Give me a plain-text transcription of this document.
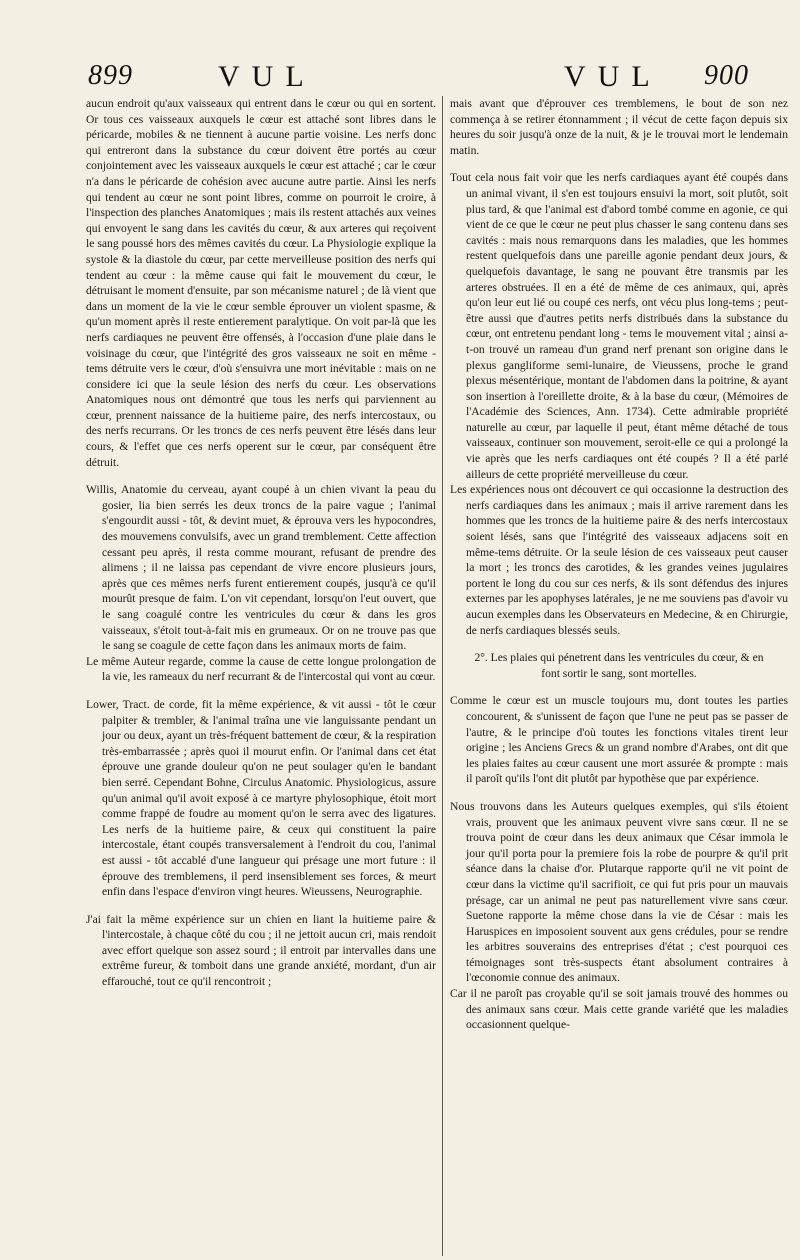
899	VUL	VUL 900
aucun endroit qu'aux vaisseaux qui entrent dans le cœur ou qui en sortent. Or tous ces vaisseaux auxquels le cœur est attaché sont libres dans le péricarde, mobiles & ne tiennent à aucune partie voisine. Les nerfs donc qui entreront dans la substance du cœur doivent être portés au cœur conjointement avec les vaisseaux auxquels le cœur est attaché ; car le cœur n'a dans le péricarde de cohésion avec aucune autre partie. Ainsi les nerfs qui tendent au cœur ne sont point libres, comme on pourroit le croire, à l'inspection des planches Anatomiques ; mais ils restent attachés aux veines qui envoyent le sang dans les cavités du cœur, & aux arteres qui reçoivent le sang poussé hors des mêmes cavités du cœur. La Physiologie explique la systole & la diastole du cœur, par cette merveilleuse position des nerfs qui tendent au cœur : la même cause qui fait le mouvement du cœur, le détruisant le moment d'ensuite, par son mécanisme naturel ; de là vient que dans un moment de la vie le cœur semble éprouver un violent spasme, & qu'un moment après il reste entierement paralytique. On voit par-là que les nerfs cardiaques ne peuvent être offensés, à l'occasion d'une plaie dans le voisinage du cœur, que l'intégrité des gros vaisseaux ne soit en même - tems détruite vers le cœur, d'où s'ensuivra une mort inévitable : mais on ne considere ici que la seule lésion des nerfs du cœur. Les observations Anatomiques nous ont démontré que tous les nerfs qui parviennent au cœur, prennent naissance de la huitieme paire, des nerfs intercostaux, ou des nerfs recurrans. Or les troncs de ces nerfs peuvent être lésés dans leur cours, & l'effet que ces nerfs operent sur le cœur, par conséquent être détruit.
Willis, Anatomie du cerveau, ayant coupé à un chien vivant la peau du gosier, lia bien serrés les deux troncs de la paire vague ; l'animal s'engourdit aussi - tôt, & devint muet, & éprouva vers les hypocondres, des mouvemens convulsifs, avec un grand tremblement. Cette affection cessant peu après, il resta comme mourant, refusant de prendre des alimens ; il ne laissa pas cependant de vivre encore plusieurs jours, après que ces mêmes nerfs furent entierement coupés, jusqu'à ce qu'il mourût presque de faim. L'on vit cependant, lorsqu'on l'eut ouvert, que le sang coagulé contre les ventricules du cœur & dans les gros vaisseaux, s'étoit tout-à-fait mis en grumeaux. Or on ne trouve pas que le sang se coagule de cette façon dans les animaux morts de faim.
Le même Auteur regarde, comme la cause de cette longue prolongation de la vie, les rameaux du nerf recurrant & de l'intercostal qui vont au cœur.
Lower, Tract. de corde, fit la même expérience, & vit aussi - tôt le cœur palpiter & trembler, & l'animal traîna une vie languissante pendant un jour ou deux, ayant un très-fréquent battement de cœur, & la respiration très-embarrassée ; après quoi il mourut enfin. Or l'animal dans cet état éprouve une grande douleur qu'on ne peut soulager qu'en le bandant bien serré. Cependant Bohne, Circulus Anatomic. Physiologicus, assure qu'un animal qu'il avoit exposé à ce martyre phylosophique, étoit mort comme frappé de foudre au moment qu'on le serra avec des ligatures. Les nerfs de la huitieme paire, & ceux qui constituent la paire intercostale, étant coupés transversalement à l'endroit du cou, l'animal est aussi - tôt accablé d'une langueur qui présage une mort future : il éprouve des tremblemens, il perd insensiblement ses forces, & meurt enfin dans l'espace d'environ vingt heures. Wieussens, Neurographie.
J'ai fait la même expérience sur un chien en liant la huitieme paire & l'intercostale, à chaque côté du cou ; il ne jettoit aucun cri, mais rendoit avec effort quelque son assez sourd ; il entroit par intervalles dans une extrême fureur, & tomboit dans une grande anxiété, mordant, d'un air effarouché, tout ce qu'il rencontroit ;
mais avant que d'éprouver ces tremblemens, le bout de son nez commença à se retirer étonnamment ; il vécut de cette façon depuis six heures du soir jusqu'à onze de la nuit, & je le trouvai mort le lendemain matin.
Tout cela nous fait voir que les nerfs cardiaques ayant été coupés dans un animal vivant, il s'en est toujours ensuivi la mort, soit plutôt, soit plus tard, & que l'animal est d'abord tombé comme en agonie, ce qui vient de ce que le cœur ne peut plus chasser le sang contenu dans ses cavités : mais nous remarquons dans les maladies, que les hommes restent quelquefois dans une pareille agonie pendant deux jours, & quelquefois davantage, le sang ne pouvant être transmis par les arteres obstruées. Il en a été de même de ces animaux, qui, après qu'on leur eut lié ou coupé ces nerfs, ont vécu plus long-tems ; peut-être aussi que d'autres petits nerfs distribués dans la substance du cœur, ont entretenu pendant long - tems le mouvement vital ; ainsi a-t-on trouvé un rameau d'un grand nerf prenant son origine dans le plexus gangliforme semi-lunaire, de Vieussens, proche le grand plexus mésentérique, montant de l'abdomen dans la poitrine, & ayant son insertion à l'oreillette droite, & à la base du cœur, (Mémoires de l'Académie des Sciences, Ann. 1734). Cette admirable propriété naturelle au cœur, par laquelle il peut, étant même détaché de tous vaisseaux, continuer son mouvement, seroit-elle ce qui a prolongé la vie après que les nerfs cardiaques ont été coupés ? Il a été parlé ailleurs de cette propriété merveilleuse du cœur.
Les expériences nous ont découvert ce qui occasionne la destruction des nerfs cardiaques dans les animaux ; mais il arrive rarement dans les hommes que les troncs de la huitieme paire & des nerfs intercostaux soient lésés, sans que l'intégrité des vaisseaux adjacens soit en même-tems détruite. Or la seule lésion de ces vaisseaux peut causer la mort ; les troncs des carotides, & les grandes veines jugulaires portent le long du cou sur ces nerfs, & ils sont défendus des injures externes par les apophyses latérales, je ne me souviens pas d'avoir vu aucun exemples dans les Observateurs en Medecine, & en Chirurgie, de nerfs cardiaques blessés seuls.
2°. Les plaies qui pénetrent dans les ventricules du cœur, & en font sortir le sang, sont mortelles.
Comme le cœur est un muscle toujours mu, dont toutes les parties concourent, & s'unissent de façon que l'une ne peut pas se passer de l'autre, & le principe d'où toutes les fonctions vitales tirent leur origine ; les Anciens Grecs & un grand nombre d'Arabes, ont dit que les plaies faites au cœur causent une mort assurée & prompte : mais il paroît qu'ils l'ont dit plutôt par hypothèse que par expérience.
Nous trouvons dans les Auteurs quelques exemples, qui s'ils étoient vrais, prouvent que les animaux peuvent vivre sans cœur. Il ne se trouva point de cœur dans les deux animaux que César immola le jour qu'il porta pour la premiere fois la robe de pourpre & qu'il prit séance dans la chaise d'or. Plutarque rapporte qu'il ne vit point de cœur dans la victime qu'il sacrifioit, ce qui fut pris pour un mauvais présage, car un animal ne peut pas naturellement vivre sans cœur. Suetone rapporte la même chose dans la vie de César : mais les Haruspices en imposoient souvent aux gens crédules, pour se rendre les arbitres souverains des entreprises d'état ; c'est pourquoi ces témoignages sont très-suspects étant absolument contraires à l'œconomie connue des animaux.
Car il ne paroît pas croyable qu'il se soit jamais trouvé des hommes ou des animaux sans cœur. Mais cette grande variété que les maladies occasionnent quelque-
